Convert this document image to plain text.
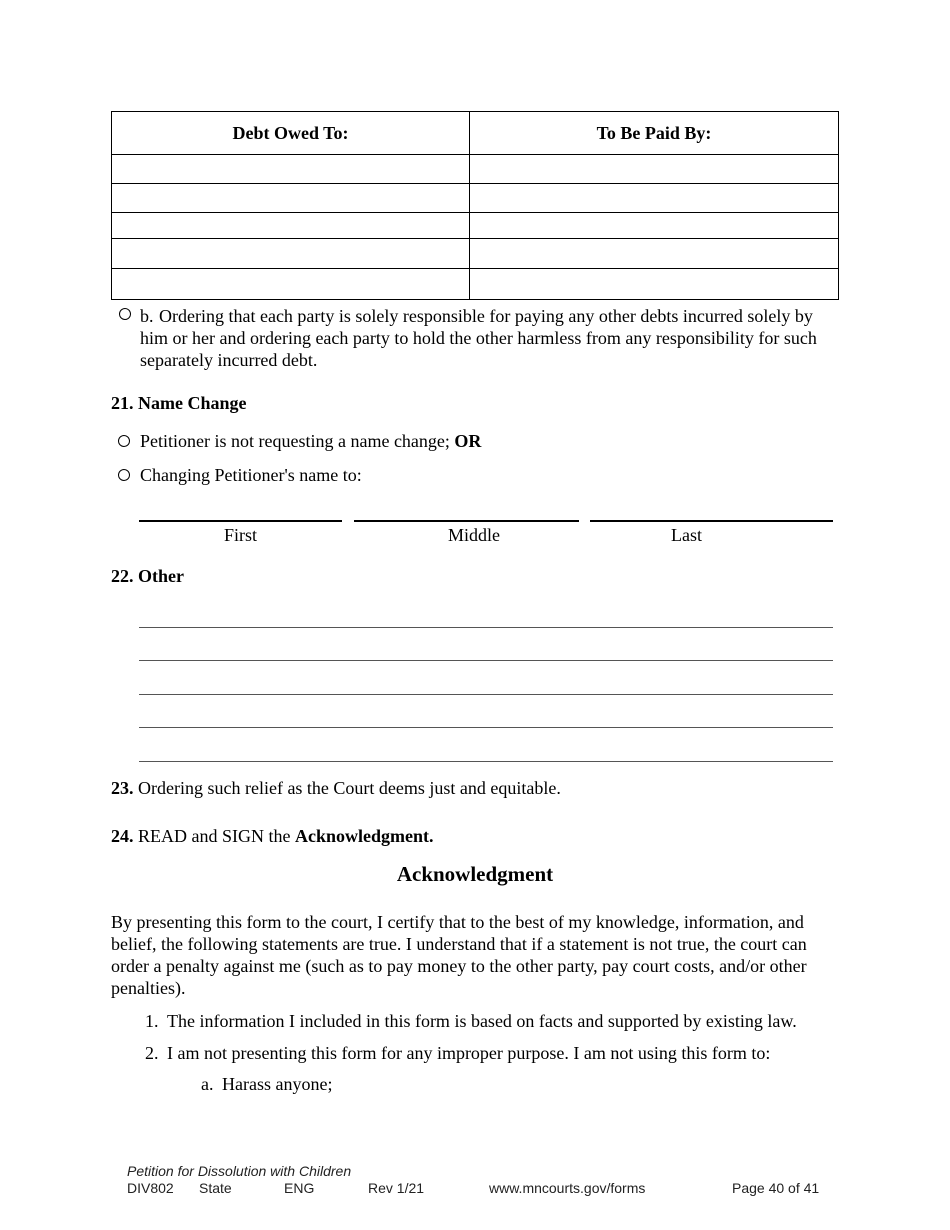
Debt Owed To:	To Be Paid By:

b. Ordering that each party is solely responsible for paying any other debts incurred solely by him or her and ordering each party to hold the other harmless from any responsibility for such separately incurred debt.
21. Name Change
Petitioner is not requesting a name change; OR
Changing Petitioner's name to:
First	Middle	Last
22. Other
23. Ordering such relief as the Court deems just and equitable.
24. READ and SIGN the Acknowledgment.
Acknowledgment
By presenting this form to the court, I certify that to the best of my knowledge, information, and belief, the following statements are true. I understand that if a statement is not true, the court can order a penalty against me (such as to pay money to the other party, pay court costs, and/or other penalties).
1. The information I included in this form is based on facts and supported by existing law.
2. I am not presenting this form for any improper purpose. I am not using this form to:
a. Harass anyone;
Petition for Dissolution with Children
DIV802 State	ENG	Rev 1/21	www.mncourts.gov/forms	Page 40 of 41
